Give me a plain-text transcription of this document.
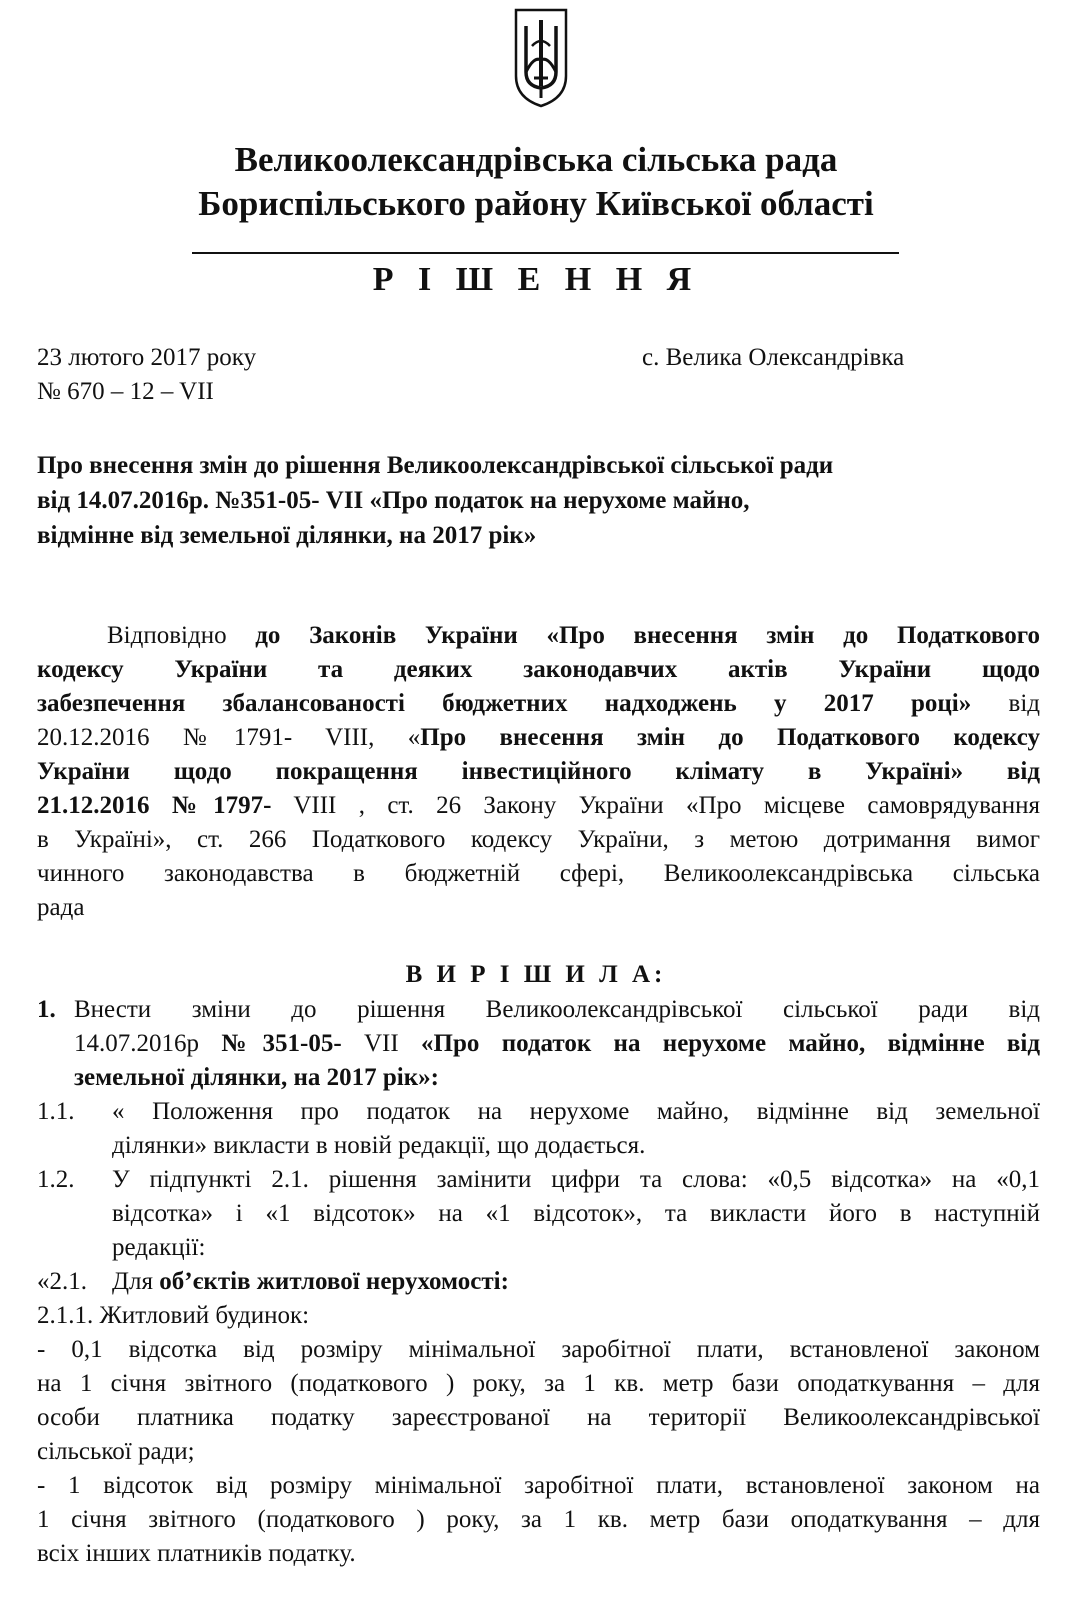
Великоолександрівська сільська рада
Бориспільського району Київської області
Р І Ш Е Н Н Я
23 лютого 2017 року	с. Велика Олександрівка
№ 670 – 12 – VII
Про внесення змін до рішення Великоолександрівської сільської ради
від 14.07.2016р. №351-05- VII «Про податок на нерухоме майно,
відмінне від земельної ділянки, на 2017 рік»
Відповідно до Законів України «Про внесення змін до Податкового
кодексу України та деяких законодавчих актів України щодо
забезпечення збалансованості бюджетних надходжень у 2017 році» від
20.12.2016 №1791- VIII, «Про внесення змін до Податкового кодексу
України щодо покращення інвестиційного клімату в Україні» від
21.12.2016 №1797- VIII , ст. 26 Закону України «Про місцеве самоврядування
в Україні», ст. 266 Податкового кодексу України, з метою дотримання вимог
чинного законодавства в бюджетній сфері, Великоолександрівська сільська
рада
В И Р І Ш И Л А:
1. Внести зміни до рішення Великоолександрівської сільської ради від
14.07.2016р №351-05- VII «Про податок на нерухоме майно, відмінне від
земельної ділянки, на 2017 рік»:
1.1. « Положення про податок на нерухоме майно, відмінне від земельної
ділянки» викласти в новій редакції, що додається.
1.2. У підпункті 2.1. рішення замінити цифри та слова: «0,5 відсотка» на «0,1
відсотка» і «1 відсоток» на «1 відсоток», та викласти його в наступній
редакції:
«2.1. Для об’єктів житлової нерухомості:
2.1.1. Житловий будинок:
- 0,1 відсотка від розміру мінімальної заробітної плати, встановленої законом
на 1 січня звітного (податкового ) року, за 1 кв. метр бази оподаткування – для
особи платника податку зареєстрованої на території Великоолександрівської
сільської ради;
- 1 відсоток від розміру мінімальної заробітної плати, встановленої законом на
1 січня звітного (податкового ) року, за 1 кв. метр бази оподаткування – для
всіх інших платників податку.
